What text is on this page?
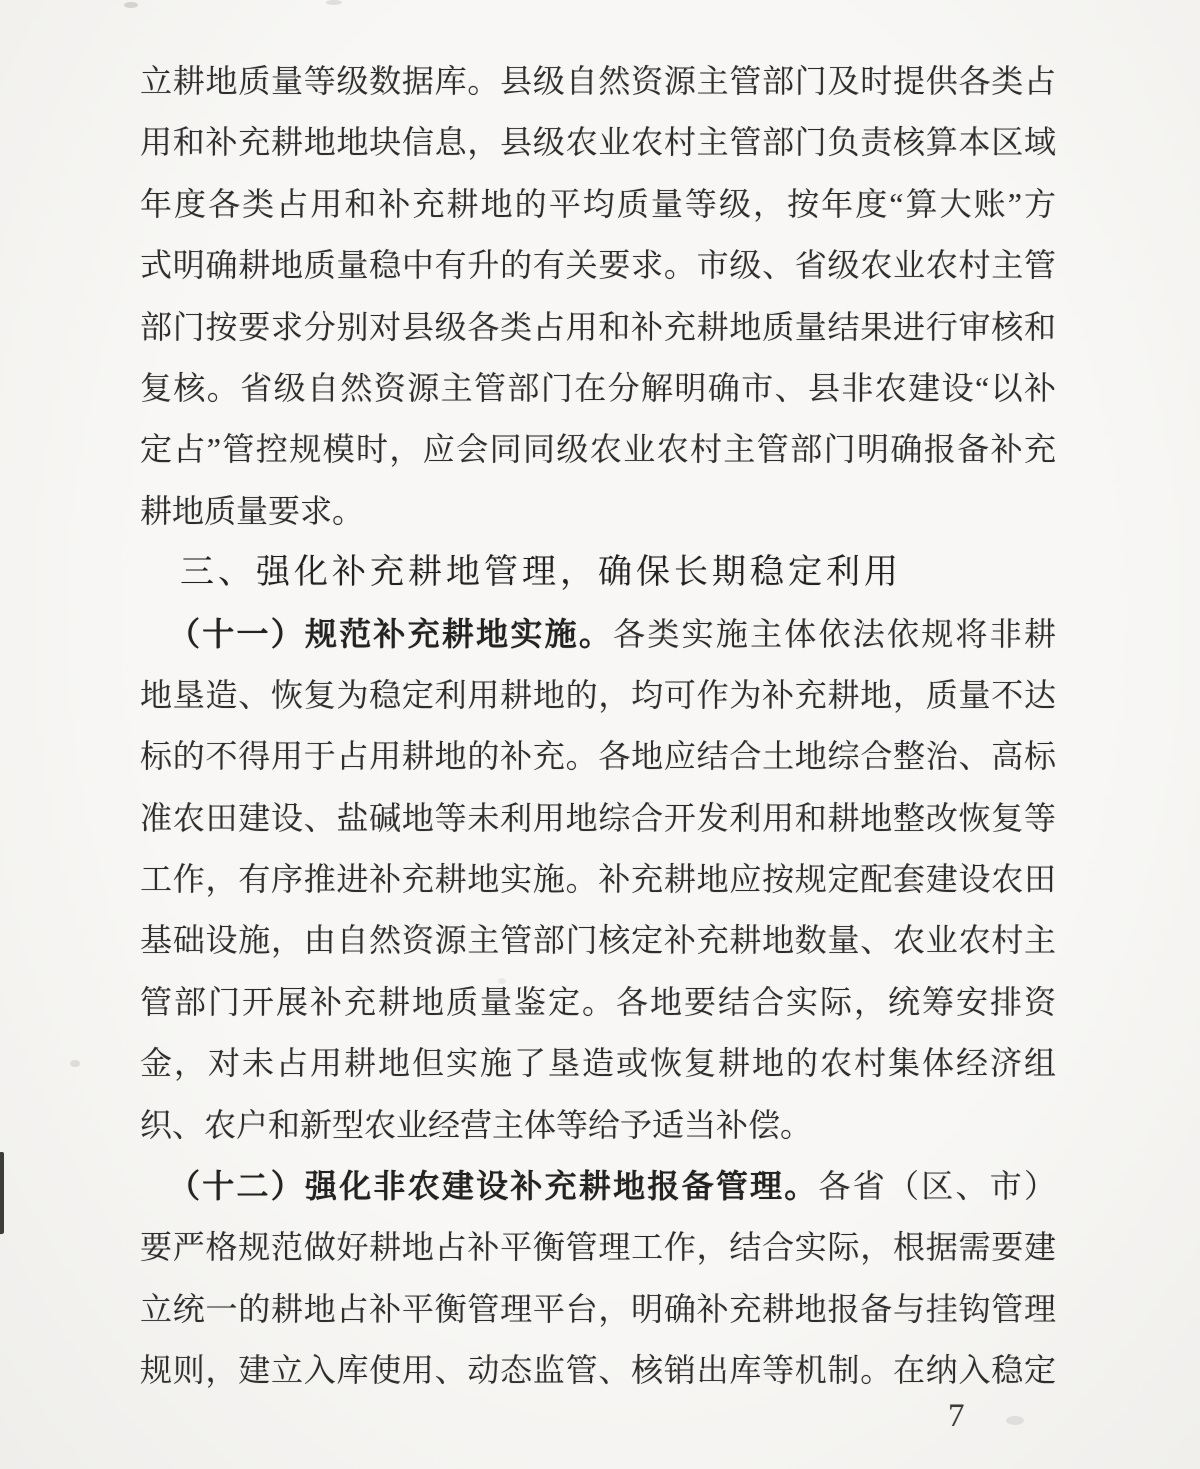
立耕地质量等级数据库。县级自然资源主管部门及时提供各类占
用和补充耕地地块信息，县级农业农村主管部门负责核算本区域
年度各类占用和补充耕地的平均质量等级，按年度“算大账”方
式明确耕地质量稳中有升的有关要求。市级、省级农业农村主管
部门按要求分别对县级各类占用和补充耕地质量结果进行审核和
复核。省级自然资源主管部门在分解明确市、县非农建设“以补
定占”管控规模时，应会同同级农业农村主管部门明确报备补充
耕地质量要求。
三、强化补充耕地管理，确保长期稳定利用
（十一）规范补充耕地实施。各类实施主体依法依规将非耕
地垦造、恢复为稳定利用耕地的，均可作为补充耕地，质量不达
标的不得用于占用耕地的补充。各地应结合土地综合整治、高标
准农田建设、盐碱地等未利用地综合开发利用和耕地整改恢复等
工作，有序推进补充耕地实施。补充耕地应按规定配套建设农田
基础设施，由自然资源主管部门核定补充耕地数量、农业农村主
管部门开展补充耕地质量鉴定。各地要结合实际，统筹安排资
金，对未占用耕地但实施了垦造或恢复耕地的农村集体经济组
织、农户和新型农业经营主体等给予适当补偿。
（十二）强化非农建设补充耕地报备管理。各省（区、市）
要严格规范做好耕地占补平衡管理工作，结合实际，根据需要建
立统一的耕地占补平衡管理平台，明确补充耕地报备与挂钩管理
规则，建立入库使用、动态监管、核销出库等机制。在纳入稳定
7
